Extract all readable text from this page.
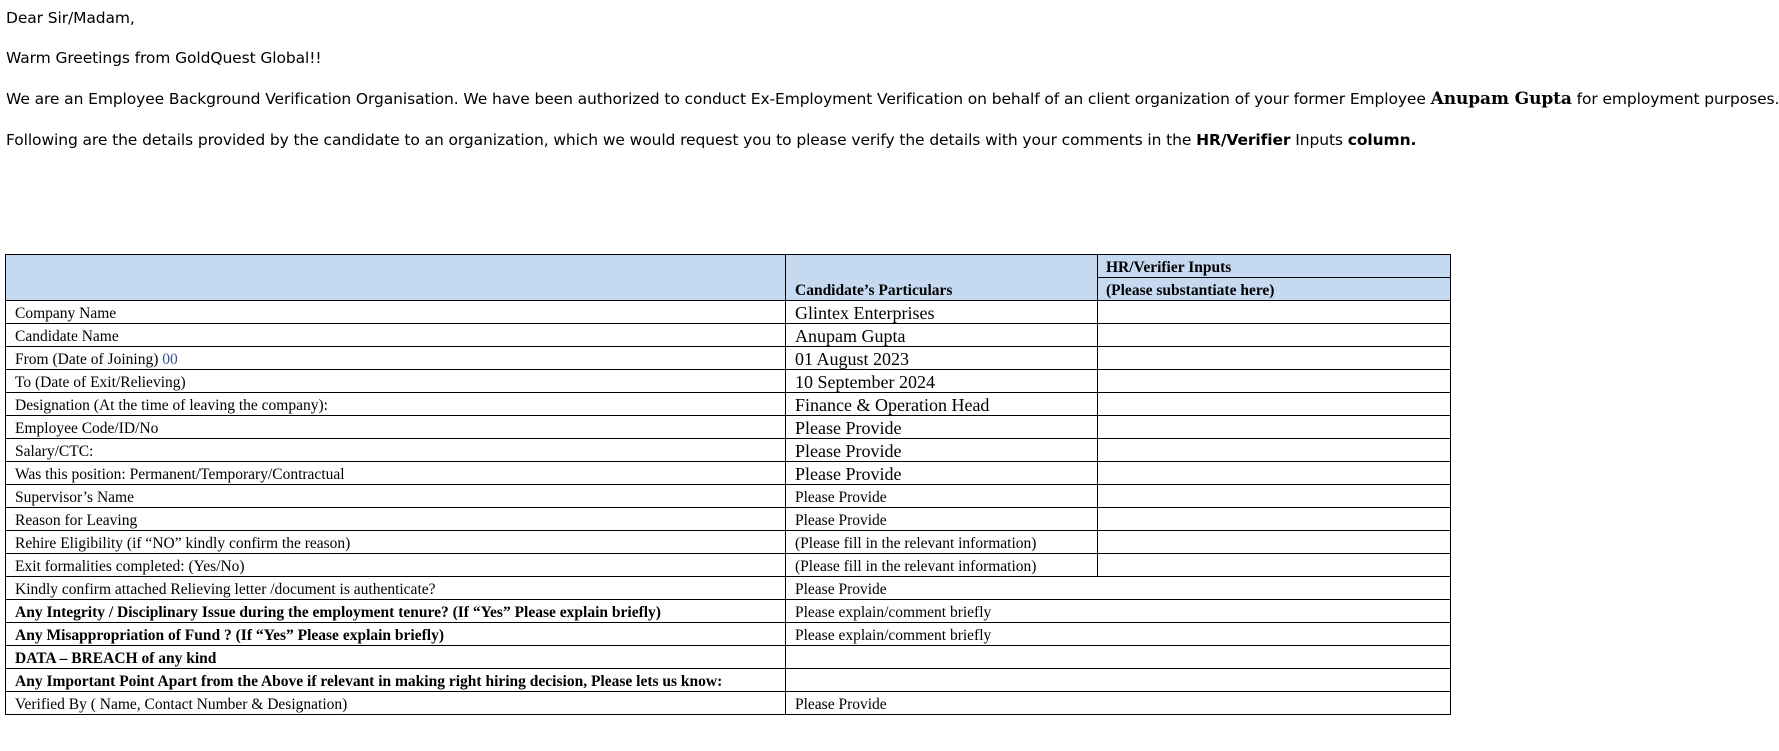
Dear Sir/Madam,
Warm Greetings from GoldQuest Global!!
We are an Employee Background Verification Organisation. We have been authorized to conduct Ex-Employment Verification on behalf of an client organization of your former Employee Anupam Gupta for employment purposes.
Following are the details provided by the candidate to an organization, which we would request you to please verify the details with your comments in the HR/Verifier Inputs column.
	Candidate’s Particulars	HR/Verifier Inputs
		(Please substantiate here)
Company Name	Glintex Enterprises	
Candidate Name	Anupam Gupta	
From (Date of Joining) 00	01 August 2023	
To (Date of Exit/Relieving)	10 September 2024	
Designation (At the time of leaving the company):	Finance & Operation Head	
Employee Code/ID/No	Please Provide	
Salary/CTC:	Please Provide	
Was this position: Permanent/Temporary/Contractual	Please Provide	
Supervisor’s Name	Please Provide	
Reason for Leaving	Please Provide	
Rehire Eligibility (if “NO” kindly confirm the reason)	(Please fill in the relevant information)	
Exit formalities completed: (Yes/No)	(Please fill in the relevant information)	
Kindly confirm attached Relieving letter /document is authenticate?	Please Provide	
Any Integrity / Disciplinary Issue during the employment tenure? (If “Yes” Please explain briefly)	Please explain/comment briefly	
Any Misappropriation of Fund ? (If “Yes” Please explain briefly)	Please explain/comment briefly	
DATA – BREACH of any kind		
Any Important Point Apart from the Above if relevant in making right hiring decision, Please lets us know:		
Verified By ( Name, Contact Number & Designation)	Please Provide	
